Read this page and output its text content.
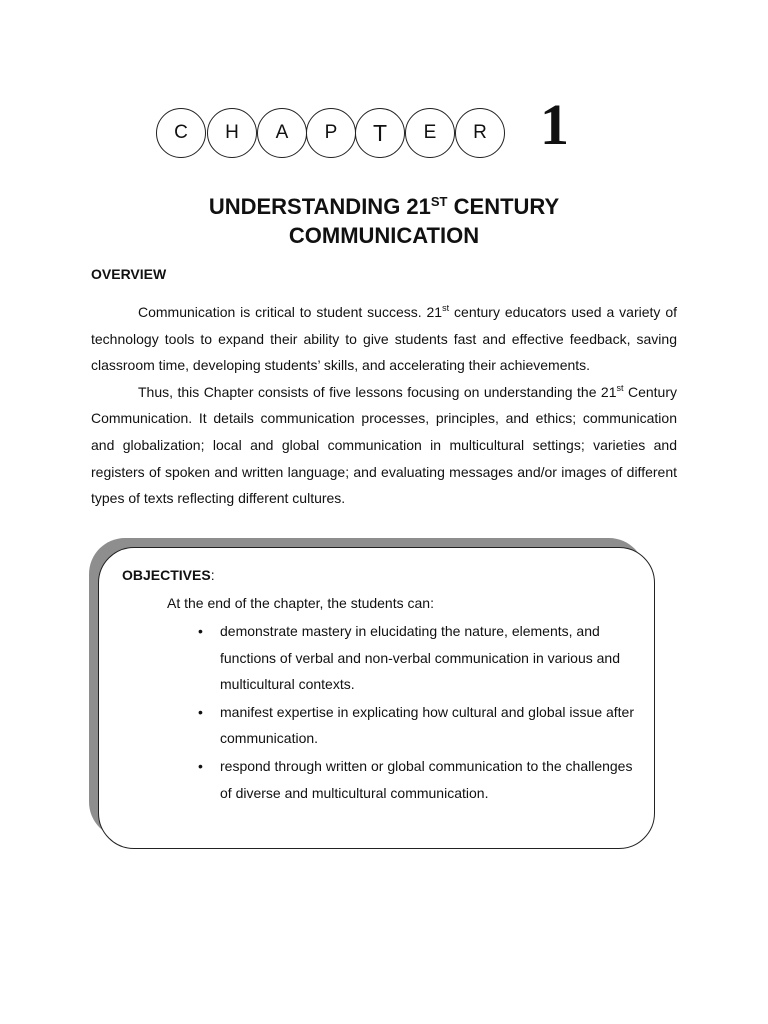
C	H	A	P	T	E	R 1
UNDERSTANDING 21ST CENTURY
COMMUNICATION
OVERVIEW

Communication is critical to student success. 21st century educators used a variety of technology tools to expand their ability to give students fast and effective feedback, saving classroom time, developing students’ skills, and accelerating their achievements.

Thus, this Chapter consists of five lessons focusing on understanding the 21st Century Communication. It details communication processes, principles, and ethics; communication and globalization; local and global communication in multicultural settings; varieties and registers of spoken and written language; and evaluating messages and/or images of different types of texts reflecting different cultures.

OBJECTIVES:
At the end of the chapter, the students can:
• demonstrate mastery in elucidating the nature, elements, and functions of verbal and non-verbal communication in various and multicultural contexts.
• manifest expertise in explicating how cultural and global issue after communication.
• respond through written or global communication to the challenges of diverse and multicultural communication.
